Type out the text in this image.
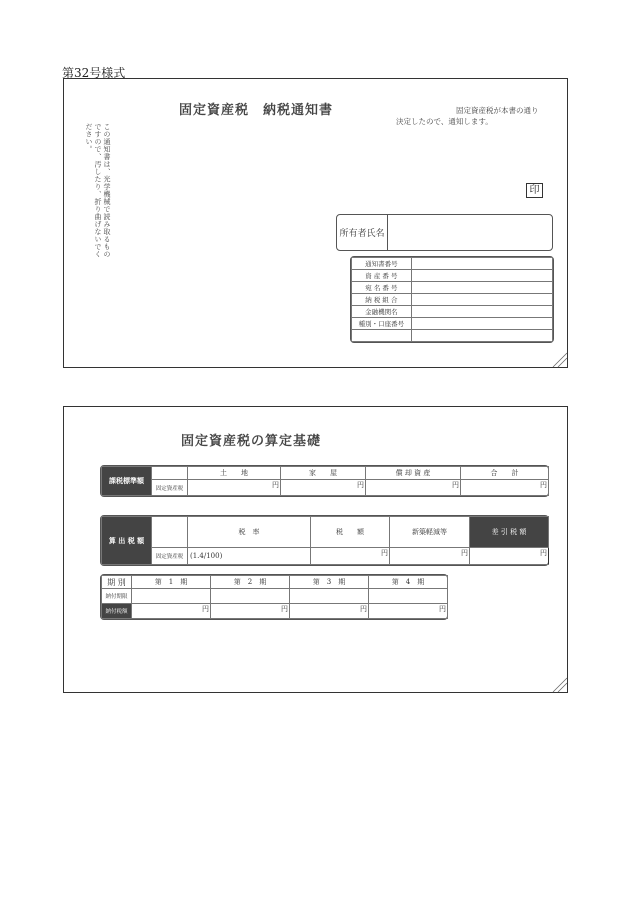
第32号様式
固定資産税　納税通知書	固定資産税が本書の通り
決定したので、通知します。
この通知書は、光学機械で読み取るものですので、汚したり、折り曲げないでください。
印
所有者氏名
通知書番号	
資 産 番 号	
宛 名 番 号	
納 税 組 合	
金融機関名	
種別・口座番号	

固定資産税の算定基礎
課税標準額		土　　地	家　　屋	償 却 資 産	合　　計
	固定資産税	円	円	円	円
算 出 税 額		税　率	税　　額	新築軽減等	差 引 税 額	年 税 額
	固定資産税	(1.4/100)	円	円	円	
期 別	第　1　期	第　2　期	第　3　期	第　4　期
納付期限				
納付税額	円	円	円	円
